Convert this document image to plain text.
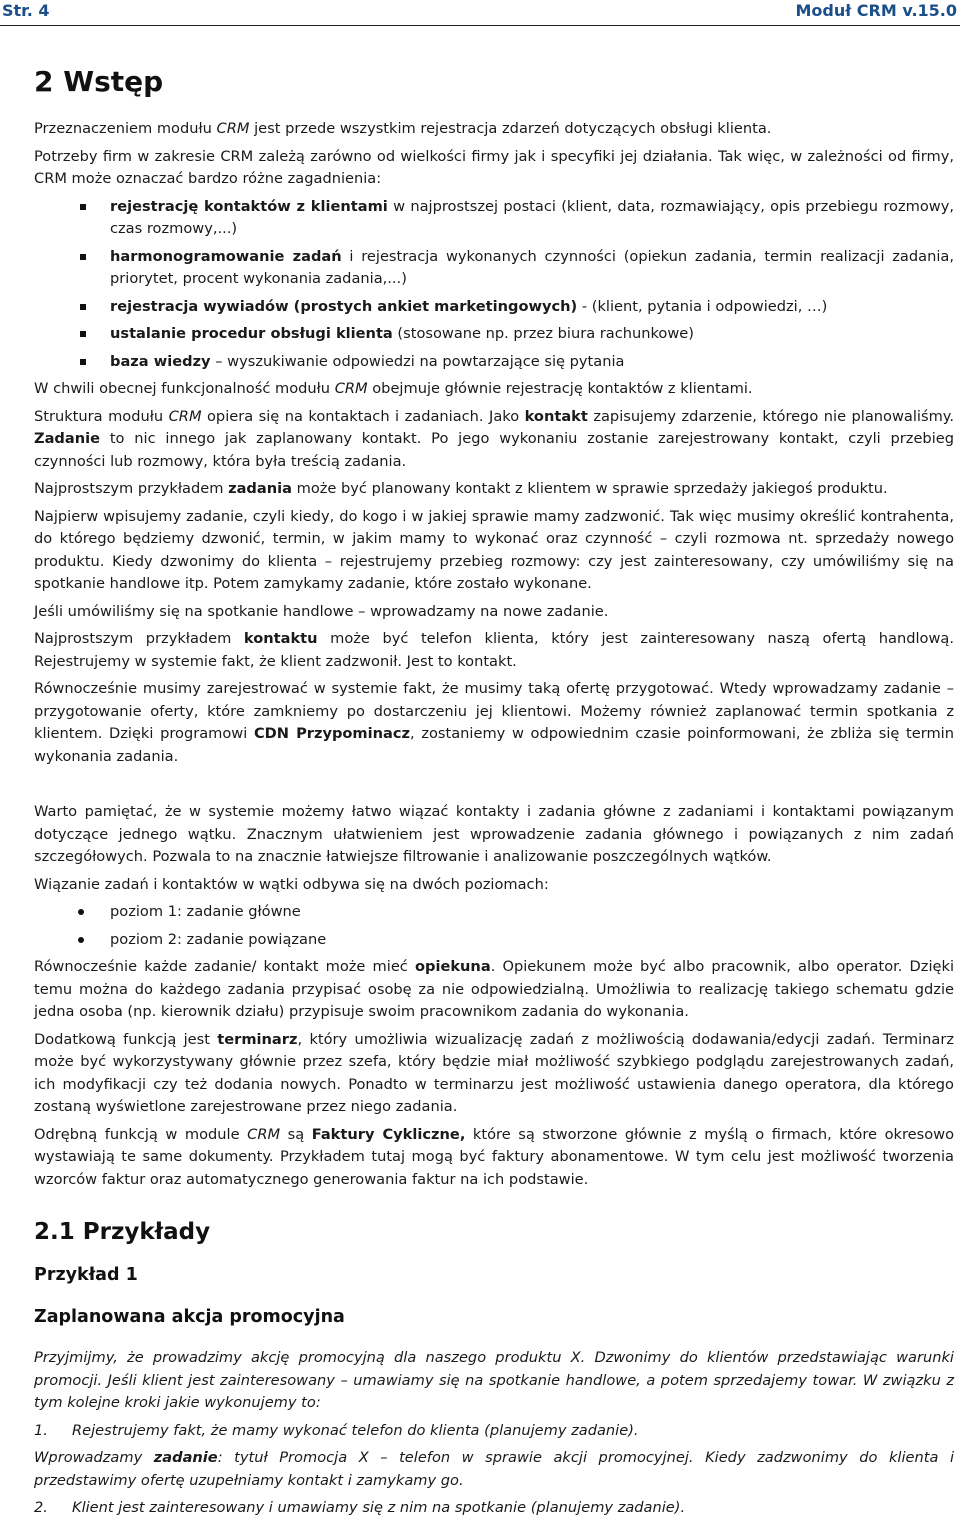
Str. 4	Moduł CRM v.15.0
2 Wstęp

Przeznaczeniem modułu CRM jest przede wszystkim rejestracja zdarzeń dotyczących obsługi klienta.

Potrzeby firm w zakresie CRM zależą zarówno od wielkości firmy jak i specyfiki jej działania. Tak więc, w zależności od firmy, CRM może oznaczać bardzo różne zagadnienia:

rejestrację kontaktów z klientami w najprostszej postaci (klient, data, rozmawiający, opis przebiegu rozmowy, czas rozmowy,...)
harmonogramowanie zadań i rejestracja wykonanych czynności (opiekun zadania, termin realizacji zadania, priorytet, procent wykonania zadania,...)
rejestracja wywiadów (prostych ankiet marketingowych) - (klient, pytania i odpowiedzi, …)
ustalanie procedur obsługi klienta (stosowane np. przez biura rachunkowe)
baza wiedzy – wyszukiwanie odpowiedzi na powtarzające się pytania

W chwili obecnej funkcjonalność modułu CRM obejmuje głównie rejestrację kontaktów z klientami.

Struktura modułu CRM opiera się na kontaktach i zadaniach. Jako kontakt zapisujemy zdarzenie, którego nie planowaliśmy. Zadanie to nic innego jak zaplanowany kontakt. Po jego wykonaniu zostanie zarejestrowany kontakt, czyli przebieg czynności lub rozmowy, która była treścią zadania.

Najprostszym przykładem zadania może być planowany kontakt z klientem w sprawie sprzedaży jakiegoś produktu.

Najpierw wpisujemy zadanie, czyli kiedy, do kogo i w jakiej sprawie mamy zadzwonić. Tak więc musimy określić kontrahenta, do którego będziemy dzwonić, termin, w jakim mamy to wykonać oraz czynność – czyli rozmowa nt. sprzedaży nowego produktu. Kiedy dzwonimy do klienta – rejestrujemy przebieg rozmowy: czy jest zainteresowany, czy umówiliśmy się na spotkanie handlowe itp. Potem zamykamy zadanie, które zostało wykonane.

Jeśli umówiliśmy się na spotkanie handlowe – wprowadzamy na nowe zadanie.

Najprostszym przykładem kontaktu może być telefon klienta, który jest zainteresowany naszą ofertą handlową. Rejestrujemy w systemie fakt, że klient zadzwonił. Jest to kontakt.

Równocześnie musimy zarejestrować w systemie fakt, że musimy taką ofertę przygotować. Wtedy wprowadzamy zadanie – przygotowanie oferty, które zamkniemy po dostarczeniu jej klientowi. Możemy również zaplanować termin spotkania z klientem. Dzięki programowi CDN Przypominacz, zostaniemy w odpowiednim czasie poinformowani, że zbliża się termin wykonania zadania.

Warto pamiętać, że w systemie możemy łatwo wiązać kontakty i zadania główne z zadaniami i kontaktami powiązanym dotyczące jednego wątku. Znacznym ułatwieniem jest wprowadzenie zadania głównego i powiązanych z nim zadań szczegółowych. Pozwala to na znacznie łatwiejsze filtrowanie i analizowanie poszczególnych wątków.

Wiązanie zadań i kontaktów w wątki odbywa się na dwóch poziomach:

poziom 1: zadanie główne
poziom 2: zadanie powiązane

Równocześnie każde zadanie/ kontakt może mieć opiekuna. Opiekunem może być albo pracownik, albo operator. Dzięki temu można do każdego zadania przypisać osobę za nie odpowiedzialną. Umożliwia to realizację takiego schematu gdzie jedna osoba (np. kierownik działu) przypisuje swoim pracownikom zadania do wykonania.

Dodatkową funkcją jest terminarz, który umożliwia wizualizację zadań z możliwością dodawania/edycji zadań. Terminarz może być wykorzystywany głównie przez szefa, który będzie miał możliwość szybkiego podglądu zarejestrowanych zadań, ich modyfikacji czy też dodania nowych. Ponadto w terminarzu jest możliwość ustawienia danego operatora, dla którego zostaną wyświetlone zarejestrowane przez niego zadania.

Odrębną funkcją w module CRM są Faktury Cykliczne, które są stworzone głównie z myślą o firmach, które okresowo wystawiają te same dokumenty. Przykładem tutaj mogą być faktury abonamentowe. W tym celu jest możliwość tworzenia wzorców faktur oraz automatycznego generowania faktur na ich podstawie.

2.1 Przykłady
Przykład 1
Zaplanowana akcja promocyjna

Przyjmijmy, że prowadzimy akcję promocyjną dla naszego produktu X. Dzwonimy do klientów przedstawiając warunki promocji. Jeśli klient jest zainteresowany – umawiamy się na spotkanie handlowe, a potem sprzedajemy towar. W związku z tym kolejne kroki jakie wykonujemy to:

1. Rejestrujemy fakt, że mamy wykonać telefon do klienta (planujemy zadanie).

Wprowadzamy zadanie: tytuł Promocja X – telefon w sprawie akcji promocyjnej. Kiedy zadzwonimy do klienta i przedstawimy ofertę uzupełniamy kontakt i zamykamy go.

2. Klient jest zainteresowany i umawiamy się z nim na spotkanie (planujemy zadanie).
